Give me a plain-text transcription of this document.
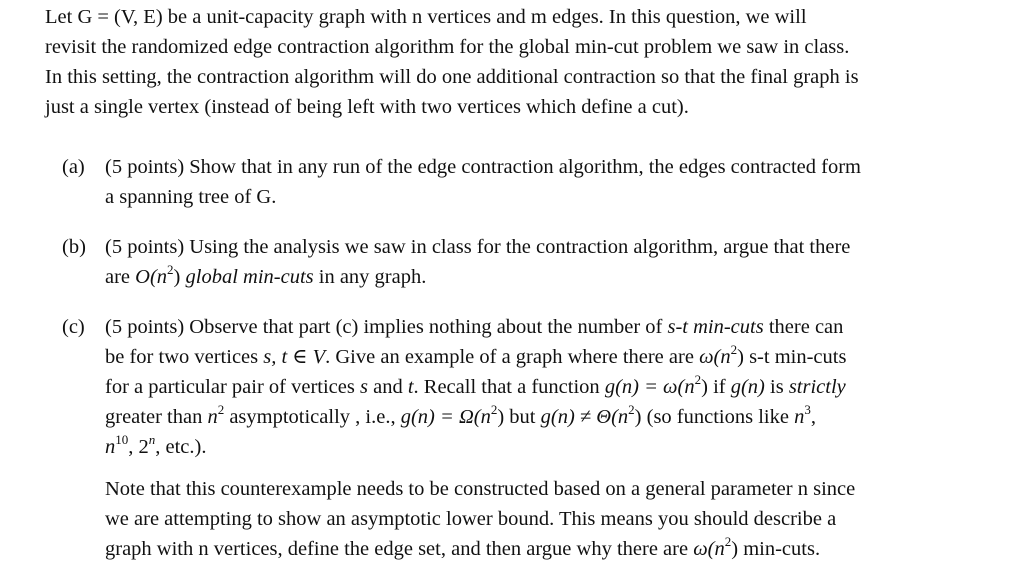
Let G = (V, E) be a unit-capacity graph with n vertices and m edges. In this question, we will
revisit the randomized edge contraction algorithm for the global min-cut problem we saw in class.
In this setting, the contraction algorithm will do one additional contraction so that the final graph is
just a single vertex (instead of being left with two vertices which define a cut).
(a) (5 points) Show that in any run of the edge contraction algorithm, the edges contracted form
a spanning tree of G.
(b) (5 points) Using the analysis we saw in class for the contraction algorithm, argue that there
are $O(n^2)$ global min-cuts in any graph.
(c) (5 points) Observe that part (c) implies nothing about the number of s-t min-cuts there can
be for two vertices s, t ∈ V. Give an example of a graph where there are $\omega(n^2)$ s-t min-cuts
for a particular pair of vertices s and t. Recall that a function $g(n) = \omega(n^2)$ if g(n) is strictly
greater than $n^2$ asymptotically , i.e., $g(n) = \Omega(n^2)$ but $g(n) \ne \Theta(n^2)$ (so functions like $n^3$,
$n^{10}$, 2$^n$, etc.).
Note that this counterexample needs to be constructed based on a general parameter n since
we are attempting to show an asymptotic lower bound. This means you should describe a
graph with n vertices, define the edge set, and then argue why there are $\omega(n^2)$ min-cuts.
